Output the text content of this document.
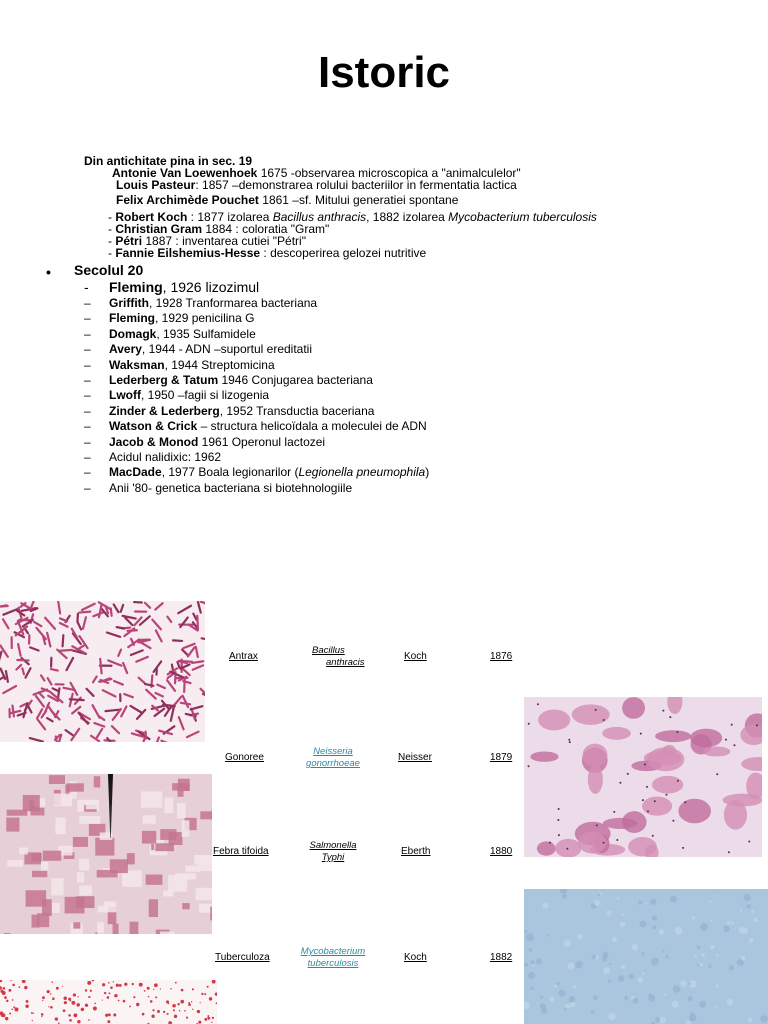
Istoric
Din antichitate pina in sec. 19
Antonie Van Loewenhoek 1675 -observarea microscopica a "animalculelor"
Louis Pasteur: 1857 –demonstrarea rolului bacteriilor in fermentatia lactica
Felix Archimède Pouchet 1861 –sf. Mitului generatiei spontane
- Robert Koch : 1877 izolarea Bacillus anthracis, 1882 izolarea Mycobacterium tuberculosis
- Christian Gram 1884 : coloratia "Gram"
- Pétri 1887 : inventarea cutiei "Pétri"
- Fannie Eilshemius-Hesse : descoperirea gelozei nutritive
• Secolul 20
- Fleming, 1926 lizozimul
– Griffith, 1928 Tranformarea bacteriana
– Fleming, 1929 penicilina G
– Domagk, 1935 Sulfamidele
– Avery, 1944 - ADN –suportul ereditatii
– Waksman, 1944 Streptomicina
– Lederberg & Tatum 1946 Conjugarea bacteriana
– Lwoff, 1950 –fagii si lizogenia
– Zinder & Lederberg, 1952 Transductia baceriana
– Watson & Crick – structura helicoïdala a moleculei de ADN
– Jacob & Monod 1961 Operonul lactozei
– Acidul nalidixic: 1962
– MacDade, 1977 Boala legionarilor (Legionella pneumophila)
– Anii '80- genetica bacteriana si biotehnologiile
Antrax
Bacillus
anthracis
Koch	1876
Gonoree
Neisseria
gonorrhoeae
Neisser	1879
Febra tifoida
Salmonella
Typhi
Eberth	1880
Tuberculoza
Mycobacterium
tuberculosis
Koch	1882
